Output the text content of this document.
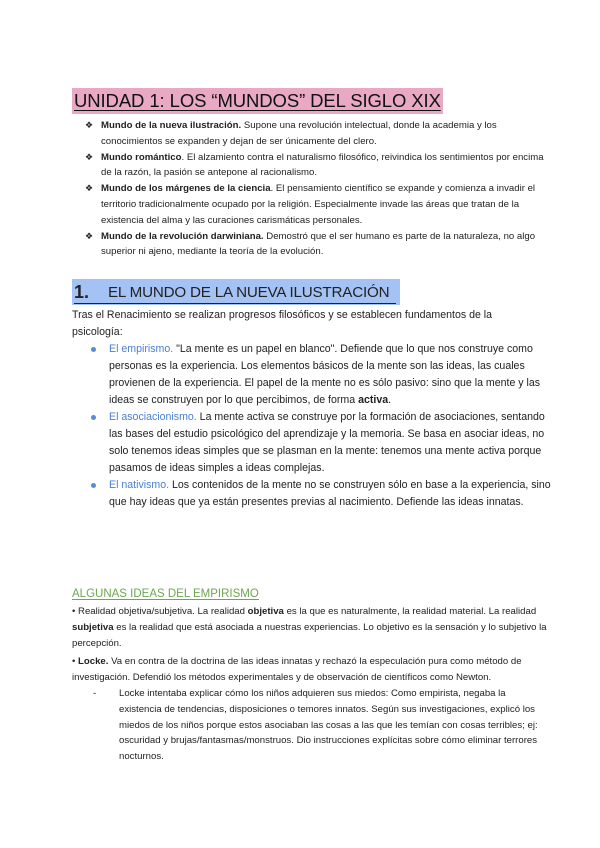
UNIDAD 1: LOS “MUNDOS” DEL SIGLO XIX
❖ Mundo de la nueva ilustración. Supone una revolución intelectual, donde la academia y los conocimientos se expanden y dejan de ser únicamente del clero.
❖ Mundo romántico. El alzamiento contra el naturalismo filosófico, reivindica los sentimientos por encima de la razón, la pasión se antepone al racionalismo.
❖ Mundo de los márgenes de la ciencia. El pensamiento científico se expande y comienza a invadir el territorio tradicionalmente ocupado por la religión. Especialmente invade las áreas que tratan de la existencia del alma y las curaciones carismáticas personales.
❖ Mundo de la revolución darwiniana. Demostró que el ser humano es parte de la naturaleza, no algo superior ni ajeno, mediante la teoría de la evolución.
1. EL MUNDO DE LA NUEVA ILUSTRACIÓN
Tras el Renacimiento se realizan progresos filosóficos y se establecen fundamentos de la psicología:
El empirismo. "La mente es un papel en blanco". Defiende que lo que nos construye como personas es la experiencia. Los elementos básicos de la mente son las ideas, las cuales provienen de la experiencia. El papel de la mente no es sólo pasivo: sino que la mente y las ideas se construyen por lo que percibimos, de forma activa.
El asociacionismo. La mente activa se construye por la formación de asociaciones, sentando las bases del estudio psicológico del aprendizaje y la memoria. Se basa en asociar ideas, no solo tenemos ideas simples que se plasman en la mente: tenemos una mente activa porque pasamos de ideas simples a ideas complejas.
El nativismo. Los contenidos de la mente no se construyen sólo en base a la experiencia, sino que hay ideas que ya están presentes previas al nacimiento. Defiende las ideas innatas.
ALGUNAS IDEAS DEL EMPIRISMO
• Realidad objetiva/subjetiva. La realidad objetiva es la que es naturalmente, la realidad material. La realidad subjetiva es la realidad que está asociada a nuestras experiencias. Lo objetivo es la sensación y lo subjetivo la percepción.
• Locke. Va en contra de la doctrina de las ideas innatas y rechazó la especulación pura como método de investigación. Defendió los métodos experimentales y de observación de científicos como Newton.
- Locke intentaba explicar cómo los niños adquieren sus miedos: Como empirista, negaba la existencia de tendencias, disposiciones o temores innatos. Según sus investigaciones, explicó los miedos de los niños porque estos asociaban las cosas a las que les temían con cosas terribles; ej: oscuridad y brujas/fantasmas/monstruos. Dio instrucciones explícitas sobre cómo eliminar terrores nocturnos.
